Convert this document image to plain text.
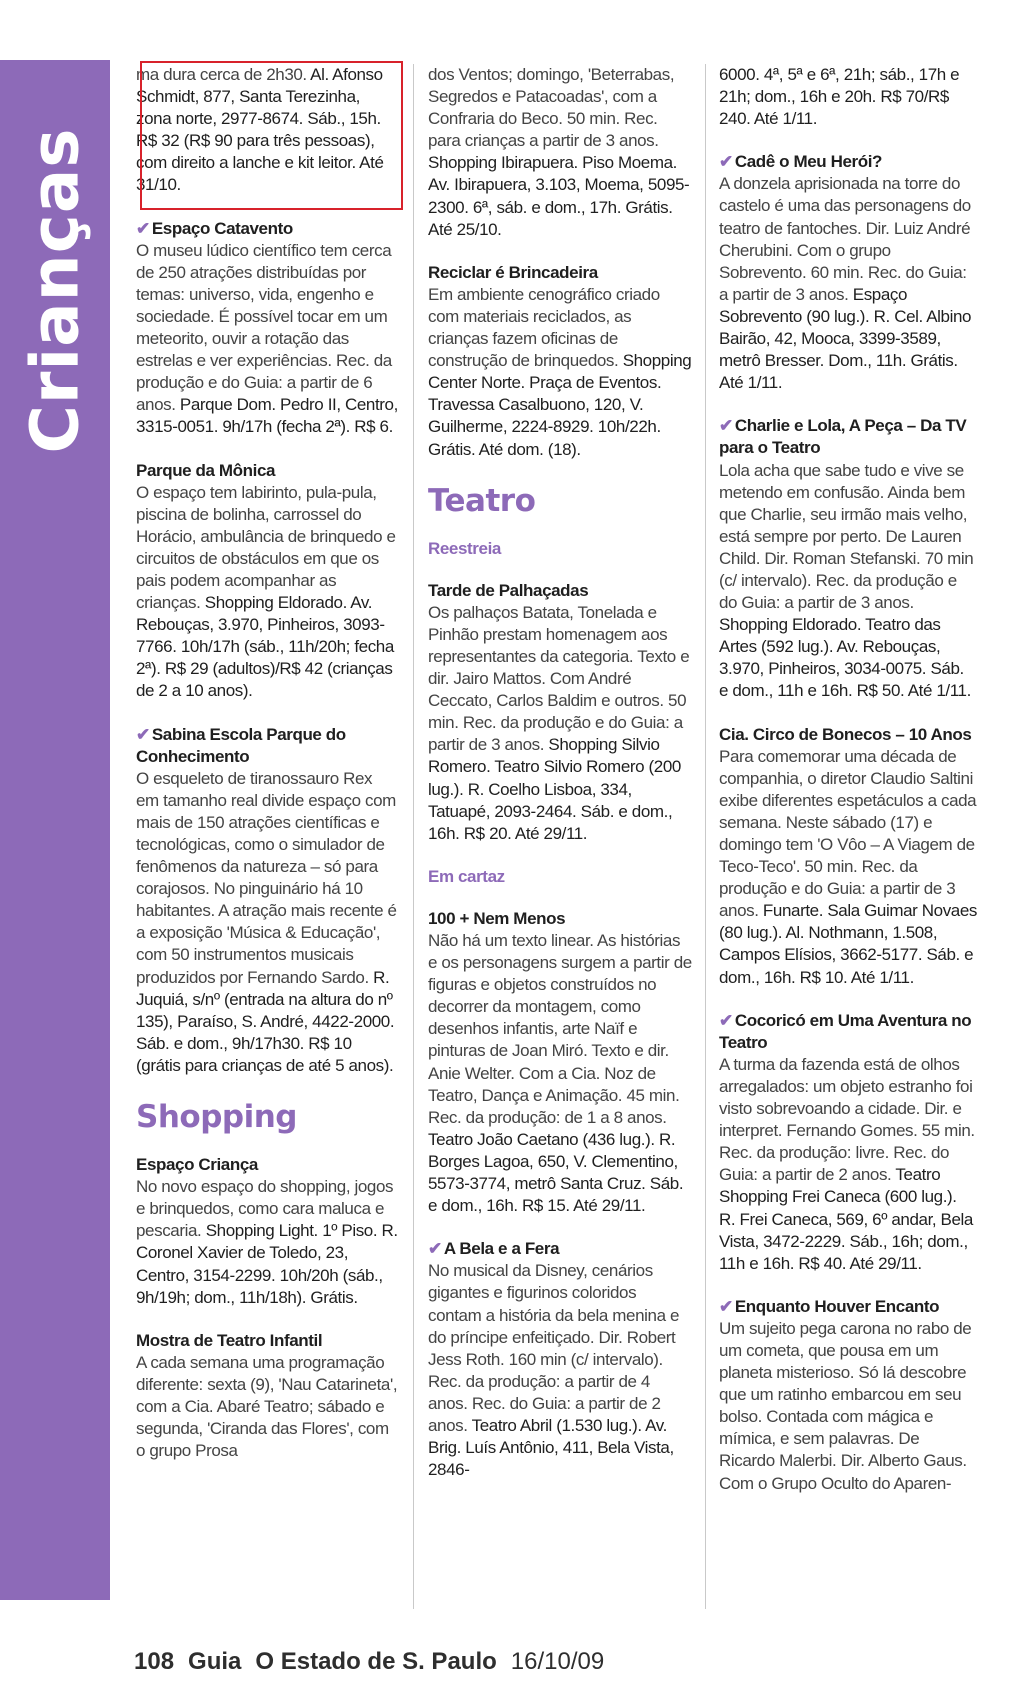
Crianças
ma dura cerca de 2h30. Al. Afonso Schmidt, 877, Santa Terezinha, zona norte, 2977-8674. Sáb., 15h. R$ 32 (R$ 90 para três pessoas), com direito a lanche e kit leitor. Até 31/10.

✔ Espaço Catavento

O museu lúdico científico tem cerca de 250 atrações distribuídas por temas: universo, vida, engenho e sociedade. É possível tocar em um meteorito, ouvir a rotação das estrelas e ver experiências. Rec. da produção e do Guia: a partir de 6 anos. Parque Dom. Pedro II, Centro, 3315-0051. 9h/17h (fecha 2ª). R$ 6.

Parque da Mônica

O espaço tem labirinto, pula-pula, piscina de bolinha, carrossel do Horácio, ambulância de brinquedo e circuitos de obstáculos em que os pais podem acompanhar as crianças. Shopping Eldorado. Av. Rebouças, 3.970, Pinheiros, 3093-7766. 10h/17h (sáb., 11h/20h; fecha 2ª). R$ 29 (adultos)/R$ 42 (crianças de 2 a 10 anos).

✔ Sabina Escola Parque do Conhecimento

O esqueleto de tiranossauro Rex em tamanho real divide espaço com mais de 150 atrações científicas e tecnológicas, como o simulador de fenômenos da natureza – só para corajosos. No pinguinário há 10 habitantes. A atração mais recente é a exposição 'Música & Educação', com 50 instrumentos musicais produzidos por Fernando Sardo. R. Juquiá, s/nº (entrada na altura do nº 135), Paraíso, S. André, 4422-2000. Sáb. e dom., 9h/17h30. R$ 10 (grátis para crianças de até 5 anos).
Shopping

Espaço Criança

No novo espaço do shopping, jogos e brinquedos, como cara maluca e pescaria. Shopping Light. 1º Piso. R. Coronel Xavier de Toledo, 23, Centro, 3154-2299. 10h/20h (sáb., 9h/19h; dom., 11h/18h). Grátis.

Mostra de Teatro Infantil

A cada semana uma programação diferente: sexta (9), 'Nau Catarineta', com a Cia. Abaré Teatro; sábado e segunda, 'Ciranda das Flores', com o grupo Prosa
dos Ventos; domingo, 'Beterrabas, Segredos e Patacoadas', com a Confraria do Beco. 50 min. Rec. para crianças a partir de 3 anos. Shopping Ibirapuera. Piso Moema. Av. Ibirapuera, 3.103, Moema, 5095-2300. 6ª, sáb. e dom., 17h. Grátis. Até 25/10.

Reciclar é Brincadeira

Em ambiente cenográfico criado com materiais reciclados, as crianças fazem oficinas de construção de brinquedos. Shopping Center Norte. Praça de Eventos. Travessa Casalbuono, 120, V. Guilherme, 2224-8929. 10h/22h. Grátis. Até dom. (18).
Teatro
Reestreia

Tarde de Palhaçadas

Os palhaços Batata, Tonelada e Pinhão prestam homenagem aos representantes da categoria. Texto e dir. Jairo Mattos. Com André Ceccato, Carlos Baldim e outros. 50 min. Rec. da produção e do Guia: a partir de 3 anos. Shopping Silvio Romero. Teatro Silvio Romero (200 lug.). R. Coelho Lisboa, 334, Tatuapé, 2093-2464. Sáb. e dom., 16h. R$ 20. Até 29/11.
Em cartaz

100 + Nem Menos

Não há um texto linear. As histórias e os personagens surgem a partir de figuras e objetos construídos no decorrer da montagem, como desenhos infantis, arte Naïf e pinturas de Joan Miró. Texto e dir. Anie Welter. Com a Cia. Noz de Teatro, Dança e Animação. 45 min. Rec. da produção: de 1 a 8 anos. Teatro João Caetano (436 lug.). R. Borges Lagoa, 650, V. Clementino, 5573-3774, metrô Santa Cruz. Sáb. e dom., 16h. R$ 15. Até 29/11.

✔ A Bela e a Fera

No musical da Disney, cenários gigantes e figurinos coloridos contam a história da bela menina e do príncipe enfeitiçado. Dir. Robert Jess Roth. 160 min (c/ intervalo). Rec. da produção: a partir de 4 anos. Rec. do Guia: a partir de 2 anos. Teatro Abril (1.530 lug.). Av. Brig. Luís Antônio, 411, Bela Vista, 2846-
6000. 4ª, 5ª e 6ª, 21h; sáb., 17h e 21h; dom., 16h e 20h. R$ 70/R$ 240. Até 1/11.

✔ Cadê o Meu Herói?

A donzela aprisionada na torre do castelo é uma das personagens do teatro de fantoches. Dir. Luiz André Cherubini. Com o grupo Sobrevento. 60 min. Rec. do Guia: a partir de 3 anos. Espaço Sobrevento (90 lug.). R. Cel. Albino Bairão, 42, Mooca, 3399-3589, metrô Bresser. Dom., 11h. Grátis. Até 1/11.

✔ Charlie e Lola, A Peça – Da TV para o Teatro

Lola acha que sabe tudo e vive se metendo em confusão. Ainda bem que Charlie, seu irmão mais velho, está sempre por perto. De Lauren Child. Dir. Roman Stefanski. 70 min (c/ intervalo). Rec. da produção e do Guia: a partir de 3 anos. Shopping Eldorado. Teatro das Artes (592 lug.). Av. Rebouças, 3.970, Pinheiros, 3034-0075. Sáb. e dom., 11h e 16h. R$ 50. Até 1/11.

Cia. Circo de Bonecos – 10 Anos

Para comemorar uma década de companhia, o diretor Claudio Saltini exibe diferentes espetáculos a cada semana. Neste sábado (17) e domingo tem 'O Vôo – A Viagem de Teco-Teco'. 50 min. Rec. da produção e do Guia: a partir de 3 anos. Funarte. Sala Guimar Novaes (80 lug.). Al. Nothmann, 1.508, Campos Elísios, 3662-5177. Sáb. e dom., 16h. R$ 10. Até 1/11.

✔ Cocoricó em Uma Aventura no Teatro

A turma da fazenda está de olhos arregalados: um objeto estranho foi visto sobrevoando a cidade. Dir. e interpret. Fernando Gomes. 55 min. Rec. da produção: livre. Rec. do Guia: a partir de 2 anos. Teatro Shopping Frei Caneca (600 lug.). R. Frei Caneca, 569, 6º andar, Bela Vista, 3472-2229. Sáb., 16h; dom., 11h e 16h. R$ 40. Até 29/11.

✔ Enquanto Houver Encanto

Um sujeito pega carona no rabo de um cometa, que pousa em um planeta misterioso. Só lá descobre que um ratinho embarcou em seu bolso. Contada com mágica e mímica, e sem palavras. De Ricardo Malerbi. Dir. Alberto Gaus. Com o Grupo Oculto do Aparen-
108 Guia O Estado de S. Paulo 16/10/09
